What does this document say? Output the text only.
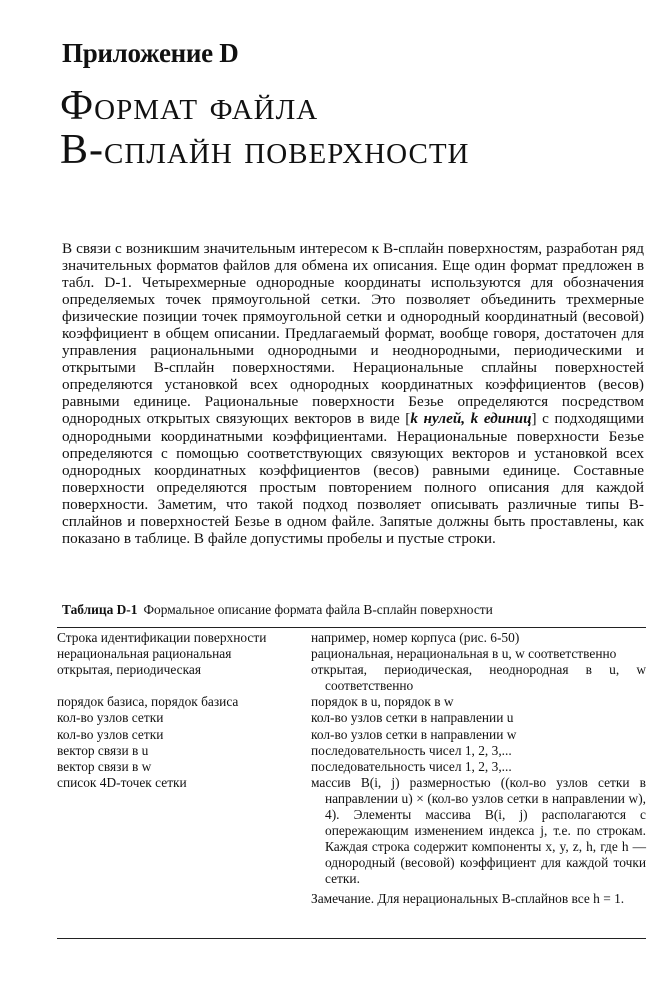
Приложение D
Формат файла
B-сплайн поверхности

В связи с возникшим значительным интересом к B-сплайн поверхностям, разработан ряд значительных форматов файлов для обмена их описания. Еще один формат предложен в табл. D-1. Четырехмерные однородные координаты используются для обозначения определяемых точек прямоугольной сетки. Это позволяет объединить трехмерные физические позиции точек прямоугольной сетки и однородный координатный (весовой) коэффициент в общем описании. Предлагаемый формат, вообще говоря, достаточен для управления рациональными однородными и неоднородными, периодическими и открытыми B-сплайн поверхностями. Нерациональные сплайны поверхностей определяются установкой всех однородных координатных коэффициентов (весов) равными единице. Рациональные поверхности Безье определяются посредством однородных открытых связующих векторов в виде [k нулей, k единиц] с подходящими однородными координатными коэффициентами. Нерациональные поверхности Безье определяются с помощью соответствующих связующих векторов и установкой всех однородных координатных коэффициентов (весов) равными единице. Составные поверхности определяются простым повторением полного описания для каждой поверхности. Заметим, что такой подход позволяет описывать различные типы B-сплайнов и поверхностей Безье в одном файле. Запятые должны быть проставлены, как показано в таблице. В файле допустимы пробелы и пустые строки.

Таблица D-1 Формальное описание формата файла B-сплайн поверхности
Строка идентификации поверхности	например, номер корпуса (рис. 6-50)

нерациональная рациональная	рациональная, нерациональная в u, w соответственно

открытая, периодическая	открытая, периодическая, неоднородная в u, w соответственно

порядок базиса, порядок базиса	порядок в u, порядок в w

кол-во узлов сетки	кол-во узлов сетки в направлении u

кол-во узлов сетки	кол-во узлов сетки в направлении w

вектор связи в u	последовательность чисел 1, 2, 3,...

вектор связи в w	последовательность чисел 1, 2, 3,...

список 4D-точек сетки	массив B(i, j) размерностью ((кол-во узлов сетки в направлении u) × (кол-во узлов сетки в направлении w), 4). Элементы массива B(i, j) располагаются с опережающим изменением индекса j, т.е. по строкам. Каждая строка содержит компоненты x, y, z, h, где h — однородный (весовой) коэффициент для каждой точки сетки.
Замечание. Для нерациональных B-сплайнов все h = 1.
